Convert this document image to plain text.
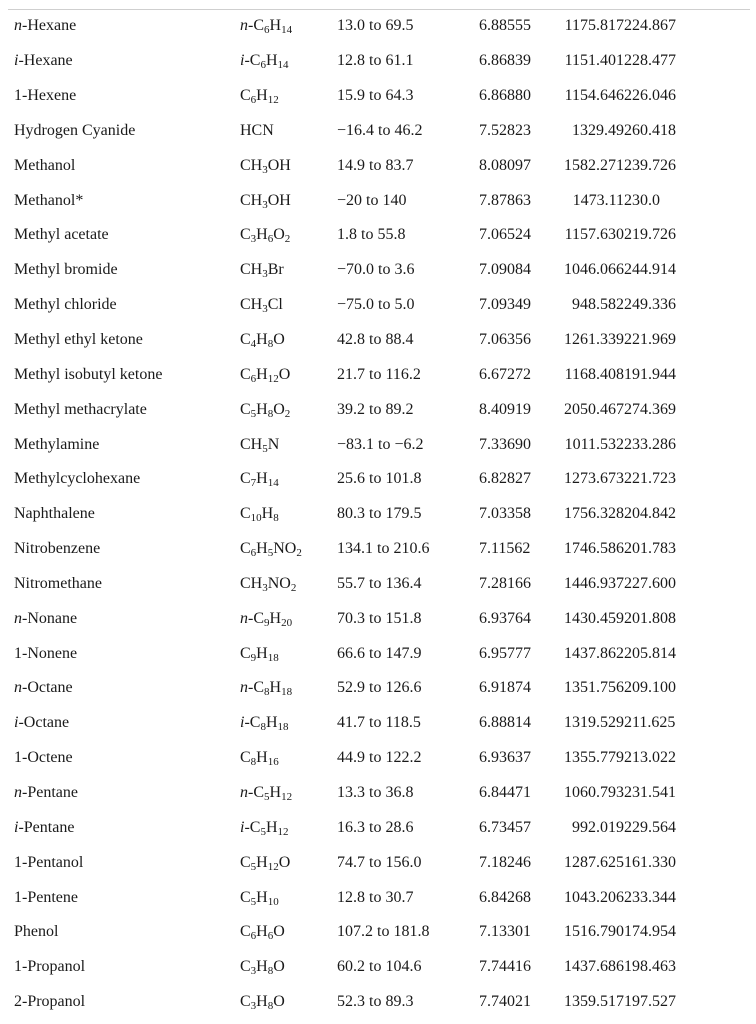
n-Hexane	$n-C_6H_{14}$	13.0 to 69.5	6.88555	1175.817	224.867
i-Hexane	$i-C_6H_{14}$	12.8 to 61.1	6.86839	1151.401	228.477
1-Hexene	$C_6H_{12}$	15.9 to 64.3	6.86880	1154.646	226.046
Hydrogen Cyanide	HCN	−16.4 to 46.2	7.52823	1329.49	260.418
Methanol	$CH_3OH$	14.9 to 83.7	8.08097	1582.271	239.726
Methanol*	$CH_3OH$	−20 to 140	7.87863	1473.11	230.0
Methyl acetate	$C_3H_6O_2$	1.8 to 55.8	7.06524	1157.630	219.726
Methyl bromide	$CH_3Br$	−70.0 to 3.6	7.09084	1046.066	244.914
Methyl chloride	$CH_3Cl$	−75.0 to 5.0	7.09349	948.582	249.336
Methyl ethyl ketone	$C_4H_8O$	42.8 to 88.4	7.06356	1261.339	221.969
Methyl isobutyl ketone	$C_6H_{12}O$	21.7 to 116.2	6.67272	1168.408	191.944
Methyl methacrylate	$C_5H_8O_2$	39.2 to 89.2	8.40919	2050.467	274.369
Methylamine	$CH_5N$	−83.1 to −6.2	7.33690	1011.532	233.286
Methylcyclohexane	$C_7H_{14}$	25.6 to 101.8	6.82827	1273.673	221.723
Naphthalene	$C_{10}H_8$	80.3 to 179.5	7.03358	1756.328	204.842
Nitrobenzene	$C_6H_5NO_2$	134.1 to 210.6	7.11562	1746.586	201.783
Nitromethane	$CH_3NO_2$	55.7 to 136.4	7.28166	1446.937	227.600
n-Nonane	$n-C_9H_{20}$	70.3 to 151.8	6.93764	1430.459	201.808
1-Nonene	$C_9H_{18}$	66.6 to 147.9	6.95777	1437.862	205.814
n-Octane	$n-C_8H_{18}$	52.9 to 126.6	6.91874	1351.756	209.100
i-Octane	$i-C_8H_{18}$	41.7 to 118.5	6.88814	1319.529	211.625
1-Octene	$C_8H_{16}$	44.9 to 122.2	6.93637	1355.779	213.022
n-Pentane	$n-C_5H_{12}$	13.3 to 36.8	6.84471	1060.793	231.541
i-Pentane	$i-C_5H_{12}$	16.3 to 28.6	6.73457	992.019	229.564
1-Pentanol	$C_5H_{12}O$	74.7 to 156.0	7.18246	1287.625	161.330
1-Pentene	$C_5H_{10}$	12.8 to 30.7	6.84268	1043.206	233.344
Phenol	$C_6H_6O$	107.2 to 181.8	7.13301	1516.790	174.954
1-Propanol	$C_3H_8O$	60.2 to 104.6	7.74416	1437.686	198.463
2-Propanol	$C_3H_8O$	52.3 to 89.3	7.74021	1359.517	197.527
